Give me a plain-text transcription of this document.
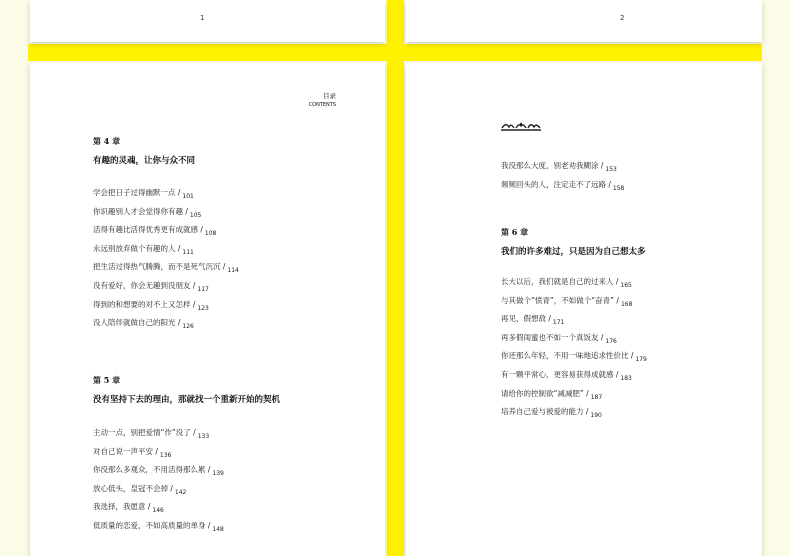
1	2
目录
CONTENTS
第 4 章
有趣的灵魂，让你与众不同
学会把日子过得幽默一点 / $_{101}$
你识趣别人才会觉得你有趣 / $_{105}$
活得有趣比活得优秀更有成就感 / $_{108}$
永远别放弃做个有趣的人 / $_{111}$
把生活过得热气腾腾，而不是死气沉沉 / $_{114}$
没有爱好，你会无趣到没朋友 / $_{117}$
得到的和想要的对不上又怎样 / $_{123}$
没人陪伴就做自己的阳光 / $_{126}$
第 5 章
没有坚持下去的理由，那就找一个重新开始的契机
主动一点，别把爱情“作”没了 / $_{133}$
对自己说一声平安 / $_{136}$
你没那么多观众，不用活得那么累 / $_{139}$
放心低头，皇冠不会掉 / $_{142}$
我选择，我愿意 / $_{146}$
低质量的恋爱，不如高质量的单身 / $_{148}$
我没那么大度，别老劝我糊涂 / $_{153}$
频频回头的人，注定走不了远路 / $_{158}$
第 6 章
我们的许多难过，只是因为自己想太多
长大以后，我们就是自己的过来人 / $_{165}$
与其做个“愤青”，不如做个“奋青” / $_{168}$
再见，假想敌 / $_{171}$
再多假闺蜜也不如一个真饭友 / $_{176}$
你还那么年轻，不用一味地追求性价比 / $_{179}$
有一颗平常心，更容易获得成就感 / $_{183}$
请给你的控制欲“减减肥” / $_{187}$
培养自己爱与被爱的能力 / $_{190}$
